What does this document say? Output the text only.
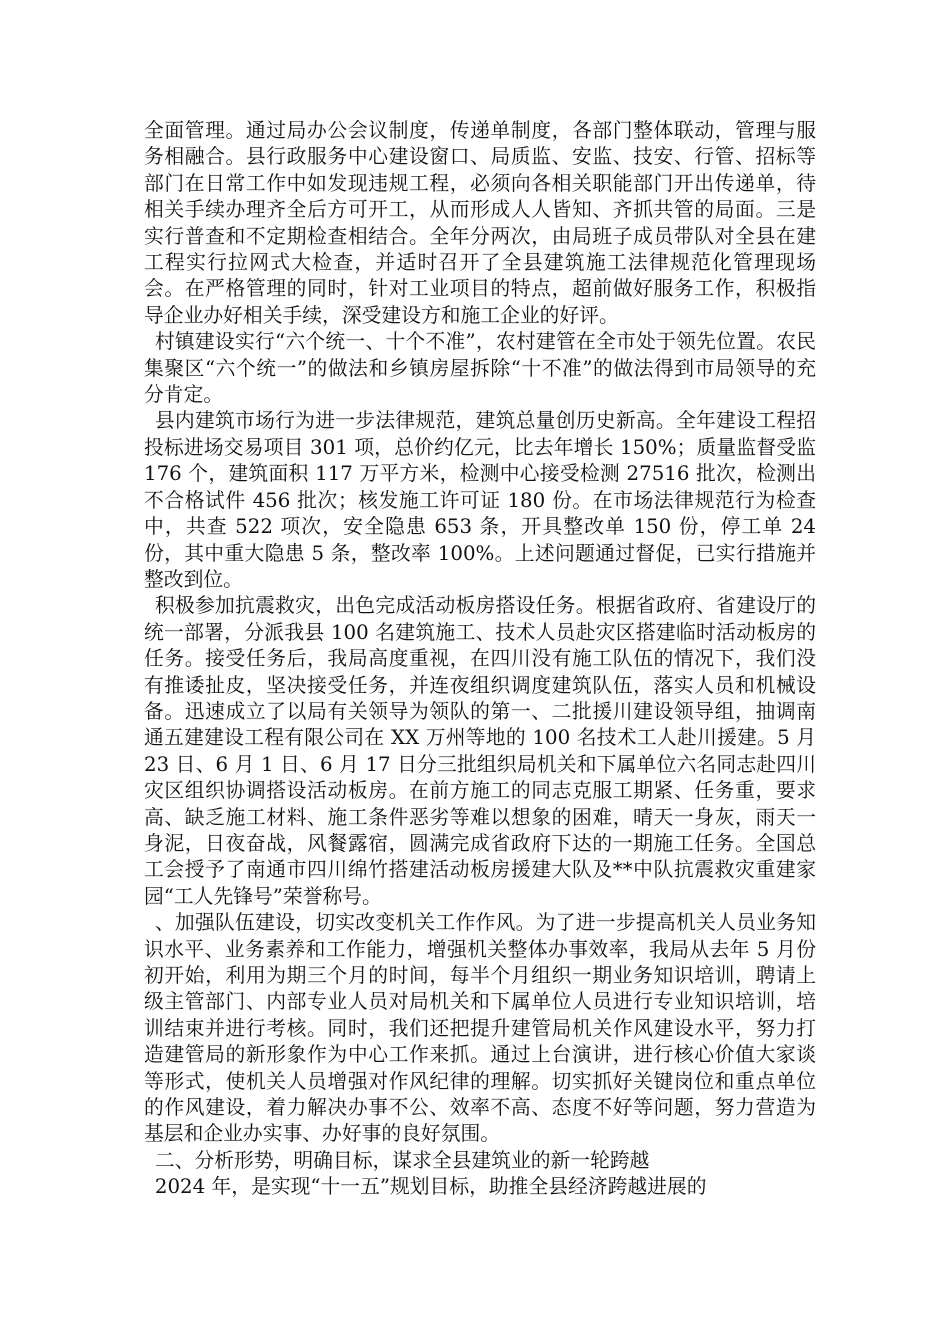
全面管理。通过局办公会议制度，传递单制度，各部门整体联动，管理与服务相融合。县行政服务中心建设窗口、局质监、安监、技安、行管、招标等部门在日常工作中如发现违规工程，必须向各相关职能部门开出传递单，待相关手续办理齐全后方可开工，从而形成人人皆知、齐抓共管的局面。三是实行普查和不定期检查相结合。全年分两次，由局班子成员带队对全县在建工程实行拉网式大检查，并适时召开了全县建筑施工法律规范化管理现场会。在严格管理的同时，针对工业项目的特点，超前做好服务工作，积极指导企业办好相关手续，深受建设方和施工企业的好评。

村镇建设实行“六个统一、十个不准”，农村建管在全市处于领先位置。农民集聚区“六个统一”的做法和乡镇房屋拆除“十不准”的做法得到市局领导的充分肯定。

县内建筑市场行为进一步法律规范，建筑总量创历史新高。全年建设工程招投标进场交易项目 301 项，总价约亿元，比去年增长 150%；质量监督受监 176 个，建筑面积 117 万平方米，检测中心接受检测 27516 批次，检测出不合格试件 456 批次；核发施工许可证 180 份。在市场法律规范行为检查中，共查 522 项次，安全隐患 653 条，开具整改单 150 份，停工单 24 份，其中重大隐患 5 条，整改率 100%。上述问题通过督促，已实行措施并整改到位。

积极参加抗震救灾，出色完成活动板房搭设任务。根据省政府、省建设厅的统一部署，分派我县 100 名建筑施工、技术人员赴灾区搭建临时活动板房的任务。接受任务后，我局高度重视，在四川没有施工队伍的情况下，我们没有推诿扯皮，坚决接受任务，并连夜组织调度建筑队伍，落实人员和机械设备。迅速成立了以局有关领导为领队的第一、二批援川建设领导组，抽调南通五建建设工程有限公司在 XX 万州等地的 100 名技术工人赴川援建。5 月 23 日、6 月 1 日、6 月 17 日分三批组织局机关和下属单位六名同志赴四川灾区组织协调搭设活动板房。在前方施工的同志克服工期紧、任务重，要求高、缺乏施工材料、施工条件恶劣等难以想象的困难，晴天一身灰，雨天一身泥，日夜奋战，风餐露宿，圆满完成省政府下达的一期施工任务。全国总工会授予了南通市四川绵竹搭建活动板房援建大队及**中队抗震救灾重建家园“工人先锋号”荣誉称号。

、加强队伍建设，切实改变机关工作作风。为了进一步提高机关人员业务知识水平、业务素养和工作能力，增强机关整体办事效率，我局从去年 5 月份初开始，利用为期三个月的时间，每半个月组织一期业务知识培训，聘请上级主管部门、内部专业人员对局机关和下属单位人员进行专业知识培训，培训结束并进行考核。同时，我们还把提升建管局机关作风建设水平，努力打造建管局的新形象作为中心工作来抓。通过上台演讲，进行核心价值大家谈等形式，使机关人员增强对作风纪律的理解。切实抓好关键岗位和重点单位的作风建设，着力解决办事不公、效率不高、态度不好等问题，努力营造为基层和企业办实事、办好事的良好氛围。

二、分析形势，明确目标，谋求全县建筑业的新一轮跨越

2024 年，是实现“十一五”规划目标，助推全县经济跨越进展的
